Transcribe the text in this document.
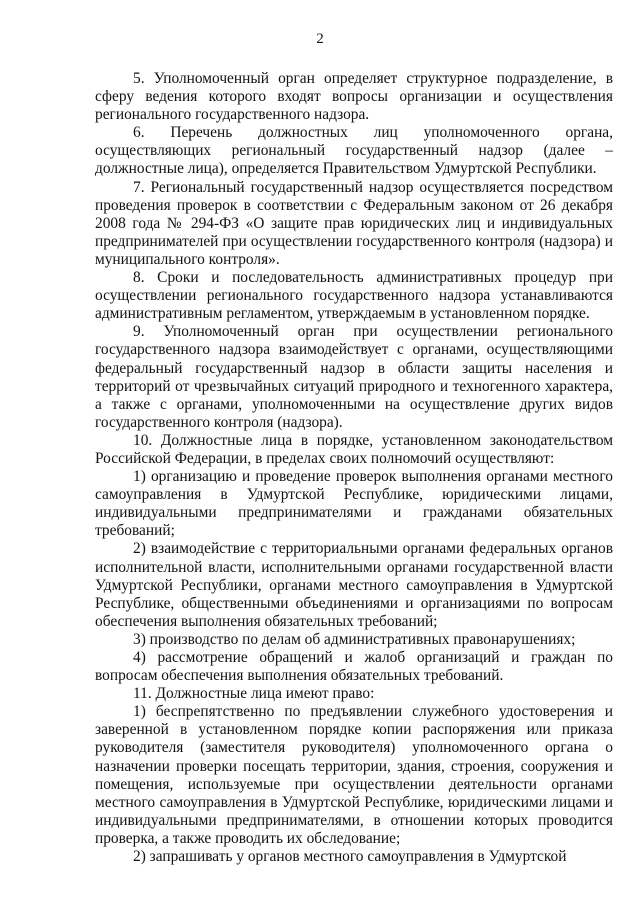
2

5. Уполномоченный орган определяет структурное подразделение, в сферу ведения которого входят вопросы организации и осуществления регионального государственного надзора.

6. Перечень должностных лиц уполномоченного органа, осуществляющих региональный государственный надзор (далее – должностные лица), определяется Правительством Удмуртской Республики.

7. Региональный государственный надзор осуществляется посредством проведения проверок в соответствии с Федеральным законом от 26 декабря 2008 года № 294-ФЗ «О защите прав юридических лиц и индивидуальных предпринимателей при осуществлении государственного контроля (надзора) и муниципального контроля».

8. Сроки и последовательность административных процедур при осуществлении регионального государственного надзора устанавливаются административным регламентом, утверждаемым в установленном порядке.

9. Уполномоченный орган при осуществлении регионального государственного надзора взаимодействует с органами, осуществляющими федеральный государственный надзор в области защиты населения и территорий от чрезвычайных ситуаций природного и техногенного характера, а также с органами, уполномоченными на осуществление других видов государственного контроля (надзора).

10. Должностные лица в порядке, установленном законодательством Российской Федерации, в пределах своих полномочий осуществляют:

1) организацию и проведение проверок выполнения органами местного самоуправления в Удмуртской Республике, юридическими лицами, индивидуальными предпринимателями и гражданами обязательных требований;

2) взаимодействие с территориальными органами федеральных органов исполнительной власти, исполнительными органами государственной власти Удмуртской Республики, органами местного самоуправления в Удмуртской Республике, общественными объединениями и организациями по вопросам обеспечения выполнения обязательных требований;

3) производство по делам об административных правонарушениях;

4) рассмотрение обращений и жалоб организаций и граждан по вопросам обеспечения выполнения обязательных требований.

11. Должностные лица имеют право:

1) беспрепятственно по предъявлении служебного удостоверения и заверенной в установленном порядке копии распоряжения или приказа руководителя (заместителя руководителя) уполномоченного органа о назначении проверки посещать территории, здания, строения, сооружения и помещения, используемые при осуществлении деятельности органами местного самоуправления в Удмуртской Республике, юридическими лицами и индивидуальными предпринимателями, в отношении которых проводится проверка, а также проводить их обследование;

2) запрашивать у органов местного самоуправления в Удмуртской
